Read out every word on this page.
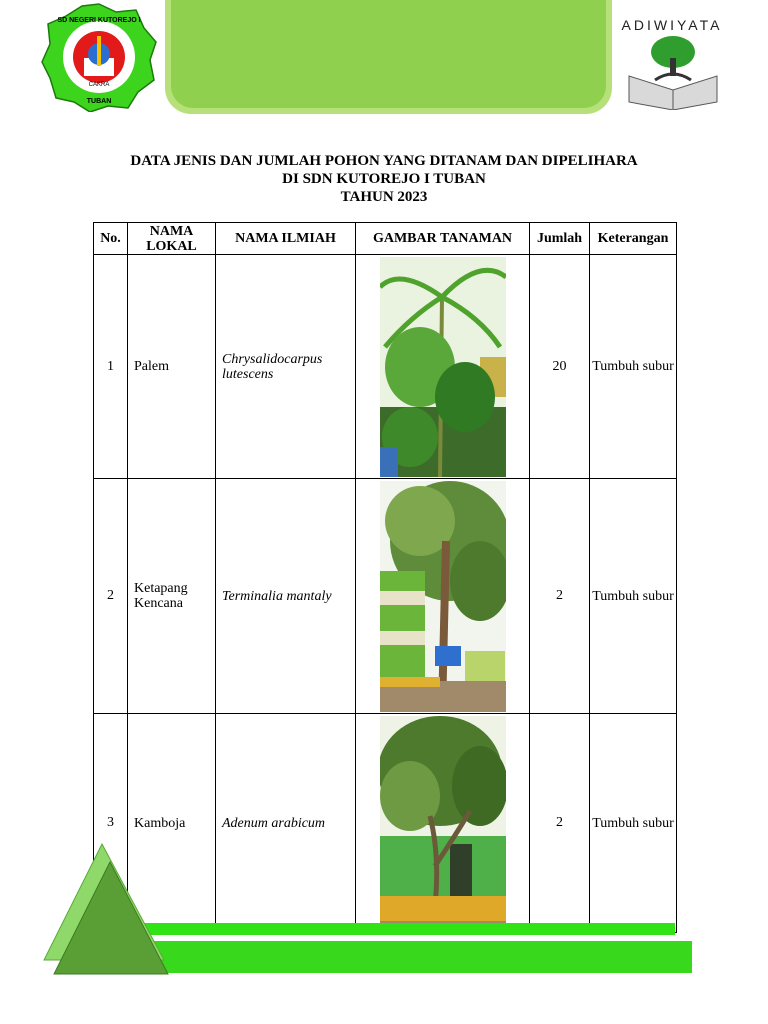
CAKRA
SD NEGERI KUTOREJO I
TUBAN
ADIWIYATA
DATA JENIS DAN JUMLAH POHON YANG DITANAM DAN DIPELIHARA
DI SDN KUTOREJO I TUBAN
TAHUN 2023
No.	NAMA LOKAL	NAMA ILMIAH	GAMBAR TANAMAN	Jumlah	Keterangan
1	Palem	Chrysalidocarpus lutescens		20	Tumbuh subur
2	Ketapang Kencana	Terminalia mantaly		2	Tumbuh subur
3	Kamboja	Adenum arabicum		2	Tumbuh subur
